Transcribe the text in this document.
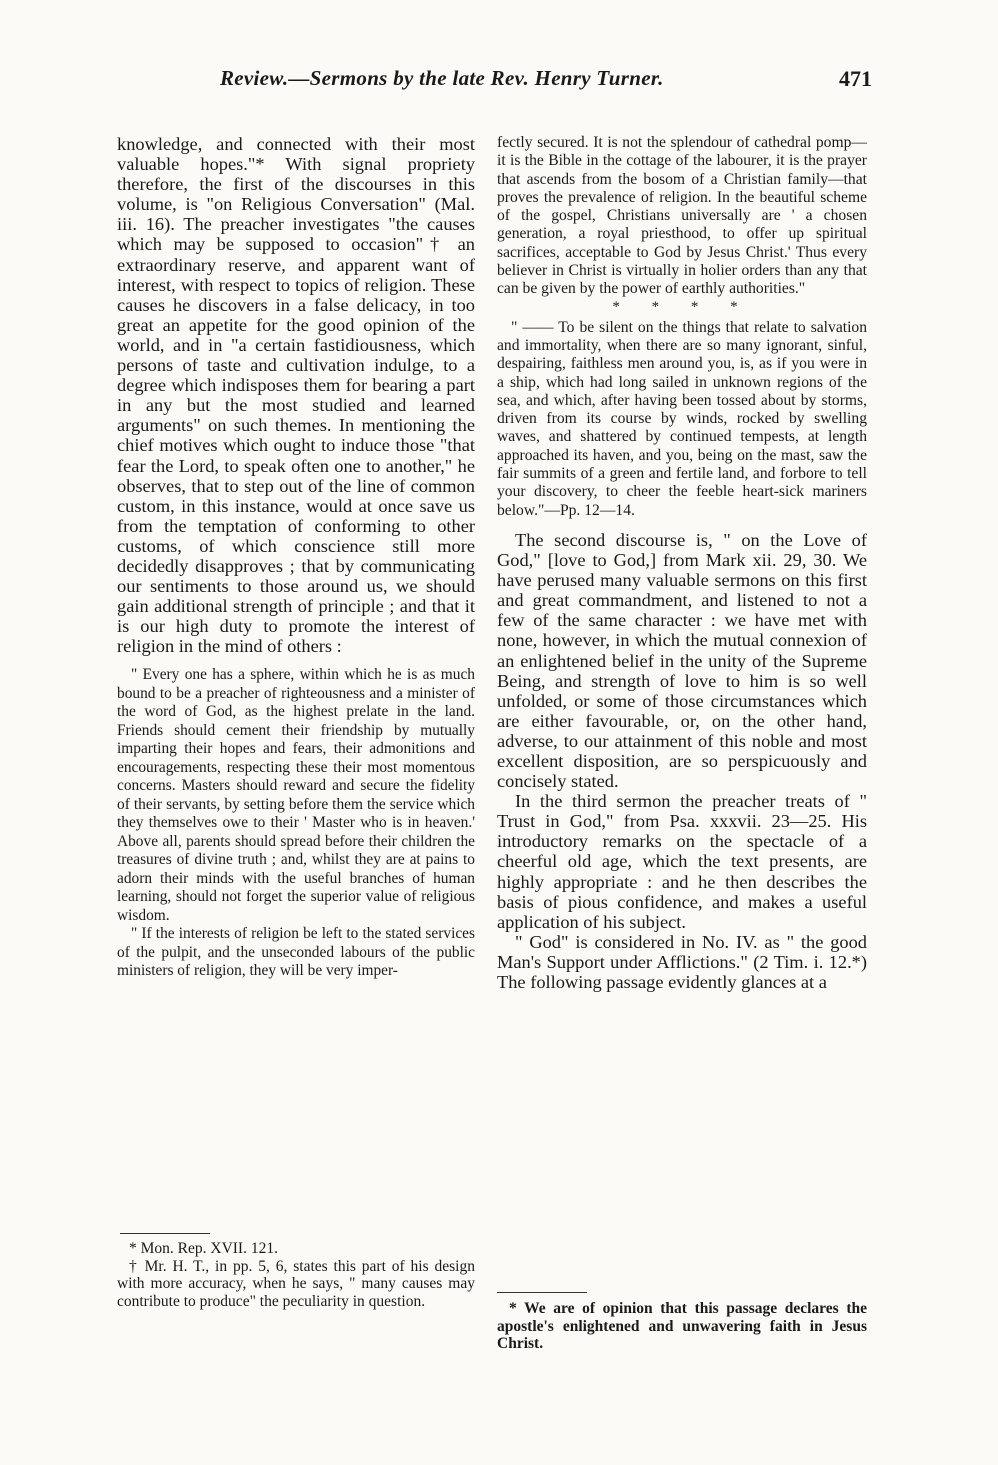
Review.—Sermons by the late Rev. Henry Turner.	471

knowledge, and connected with their most valuable hopes."* With signal propriety therefore, the first of the discourses in this volume, is "on Religious Conversation" (Mal. iii. 16). The preacher investigates "the causes which may be supposed to occasion"† an extraordinary reserve, and apparent want of interest, with respect to topics of religion. These causes he discovers in a false delicacy, in too great an appetite for the good opinion of the world, and in "a certain fastidiousness, which persons of taste and cultivation indulge, to a degree which indisposes them for bearing a part in any but the most studied and learned arguments" on such themes. In mentioning the chief motives which ought to induce those "that fear the Lord, to speak often one to another," he observes, that to step out of the line of common custom, in this instance, would at once save us from the temptation of conforming to other customs, of which conscience still more decidedly disapproves ; that by communicating our sentiments to those around us, we should gain additional strength of principle ; and that it is our high duty to promote the interest of religion in the mind of others :

" Every one has a sphere, within which he is as much bound to be a preacher of righteousness and a minister of the word of God, as the highest prelate in the land. Friends should cement their friendship by mutually imparting their hopes and fears, their admonitions and encouragements, respecting these their most momentous concerns. Masters should reward and secure the fidelity of their servants, by setting before them the service which they themselves owe to their ' Master who is in heaven.' Above all, parents should spread before their children the treasures of divine truth ; and, whilst they are at pains to adorn their minds with the useful branches of human learning, should not forget the superior value of religious wisdom.

" If the interests of religion be left to the stated services of the pulpit, and the unseconded labours of the public ministers of religion, they will be very imper-

* Mon. Rep. XVII. 121.

† Mr. H. T., in pp. 5, 6, states this part of his design with more accuracy, when he says, " many causes may contribute to produce" the peculiarity in question.

fectly secured. It is not the splendour of cathedral pomp—it is the Bible in the cottage of the labourer, it is the prayer that ascends from the bosom of a Christian family—that proves the prevalence of religion. In the beautiful scheme of the gospel, Christians universally are ' a chosen generation, a royal priesthood, to offer up spiritual sacrifices, acceptable to God by Jesus Christ.' Thus every believer in Christ is virtually in holier orders than any that can be given by the power of earthly authorities."

* * * *

" —— To be silent on the things that relate to salvation and immortality, when there are so many ignorant, sinful, despairing, faithless men around you, is, as if you were in a ship, which had long sailed in unknown regions of the sea, and which, after having been tossed about by storms, driven from its course by winds, rocked by swelling waves, and shattered by continued tempests, at length approached its haven, and you, being on the mast, saw the fair summits of a green and fertile land, and forbore to tell your discovery, to cheer the feeble heart-sick mariners below."—Pp. 12—14.

The second discourse is, " on the Love of God," [love to God,] from Mark xii. 29, 30. We have perused many valuable sermons on this first and great commandment, and listened to not a few of the same character : we have met with none, however, in which the mutual connexion of an enlightened belief in the unity of the Supreme Being, and strength of love to him is so well unfolded, or some of those circumstances which are either favourable, or, on the other hand, adverse, to our attainment of this noble and most excellent disposition, are so perspicuously and concisely stated.

In the third sermon the preacher treats of " Trust in God," from Psa. xxxvii. 23—25. His introductory remarks on the spectacle of a cheerful old age, which the text presents, are highly appropriate : and he then describes the basis of pious confidence, and makes a useful application of his subject.

" God" is considered in No. IV. as " the good Man's Support under Afflictions." (2 Tim. i. 12.*) The following passage evidently glances at a

* We are of opinion that this passage declares the apostle's enlightened and unwavering faith in Jesus Christ.
